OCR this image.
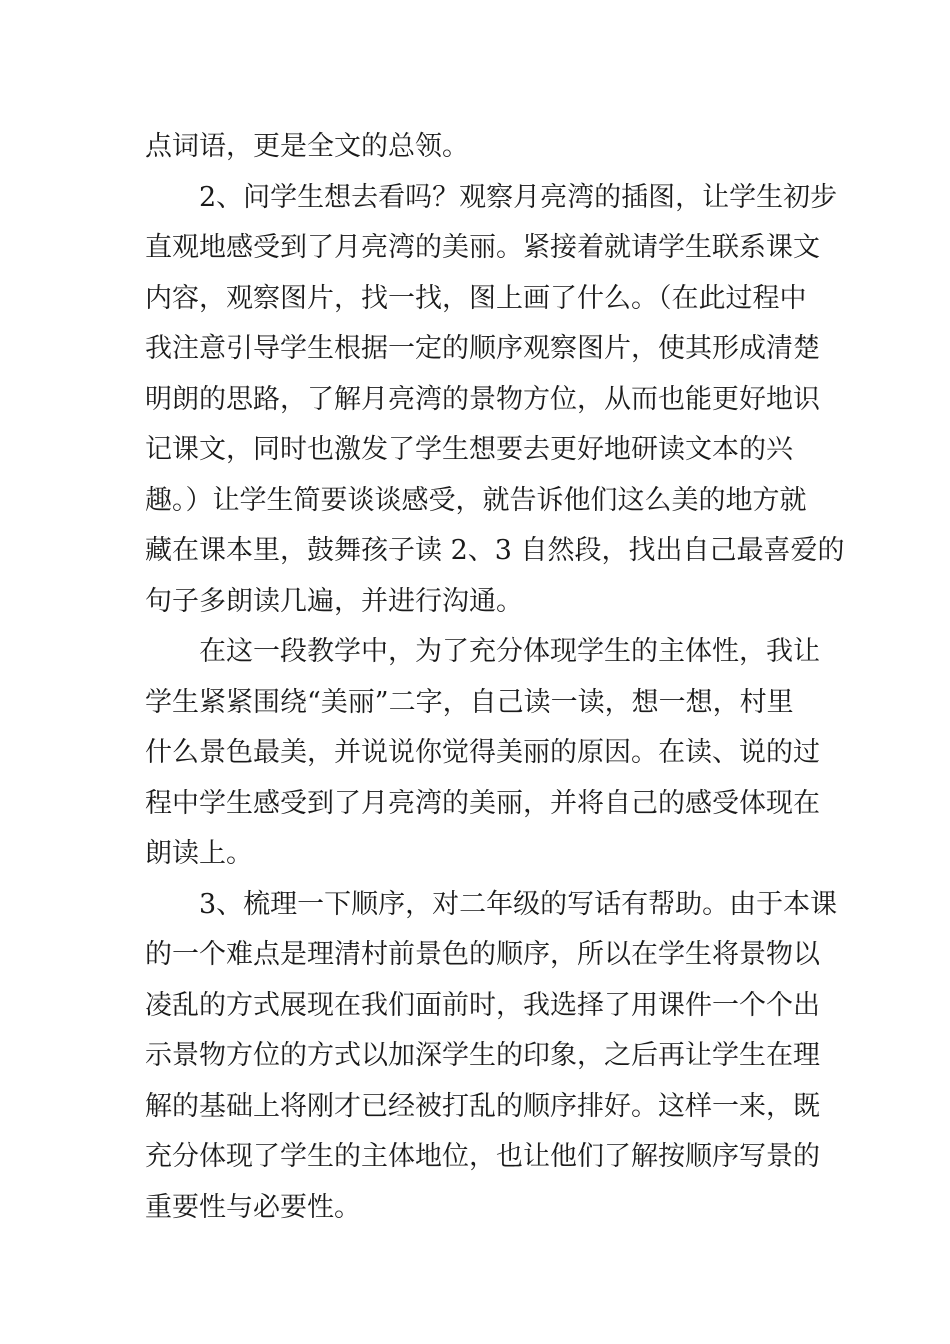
点词语，更是全文的总领。
2、问学生想去看吗？观察月亮湾的插图，让学生初步
直观地感受到了月亮湾的美丽。紧接着就请学生联系课文
内容，观察图片，找一找，图上画了什么。（在此过程中
我注意引导学生根据一定的顺序观察图片，使其形成清楚
明朗的思路，了解月亮湾的景物方位，从而也能更好地识
记课文，同时也激发了学生想要去更好地研读文本的兴
趣。）让学生简要谈谈感受，就告诉他们这么美的地方就
藏在课本里，鼓舞孩子读 2、3 自然段，找出自己最喜爱的
句子多朗读几遍，并进行沟通。
在这一段教学中，为了充分体现学生的主体性，我让
学生紧紧围绕“美丽”二字，自己读一读，想一想，村里
什么景色最美，并说说你觉得美丽的原因。在读、说的过
程中学生感受到了月亮湾的美丽，并将自己的感受体现在
朗读上。
3、梳理一下顺序，对二年级的写话有帮助。由于本课
的一个难点是理清村前景色的顺序，所以在学生将景物以
凌乱的方式展现在我们面前时，我选择了用课件一个个出
示景物方位的方式以加深学生的印象，之后再让学生在理
解的基础上将刚才已经被打乱的顺序排好。这样一来，既
充分体现了学生的主体地位，也让他们了解按顺序写景的
重要性与必要性。
